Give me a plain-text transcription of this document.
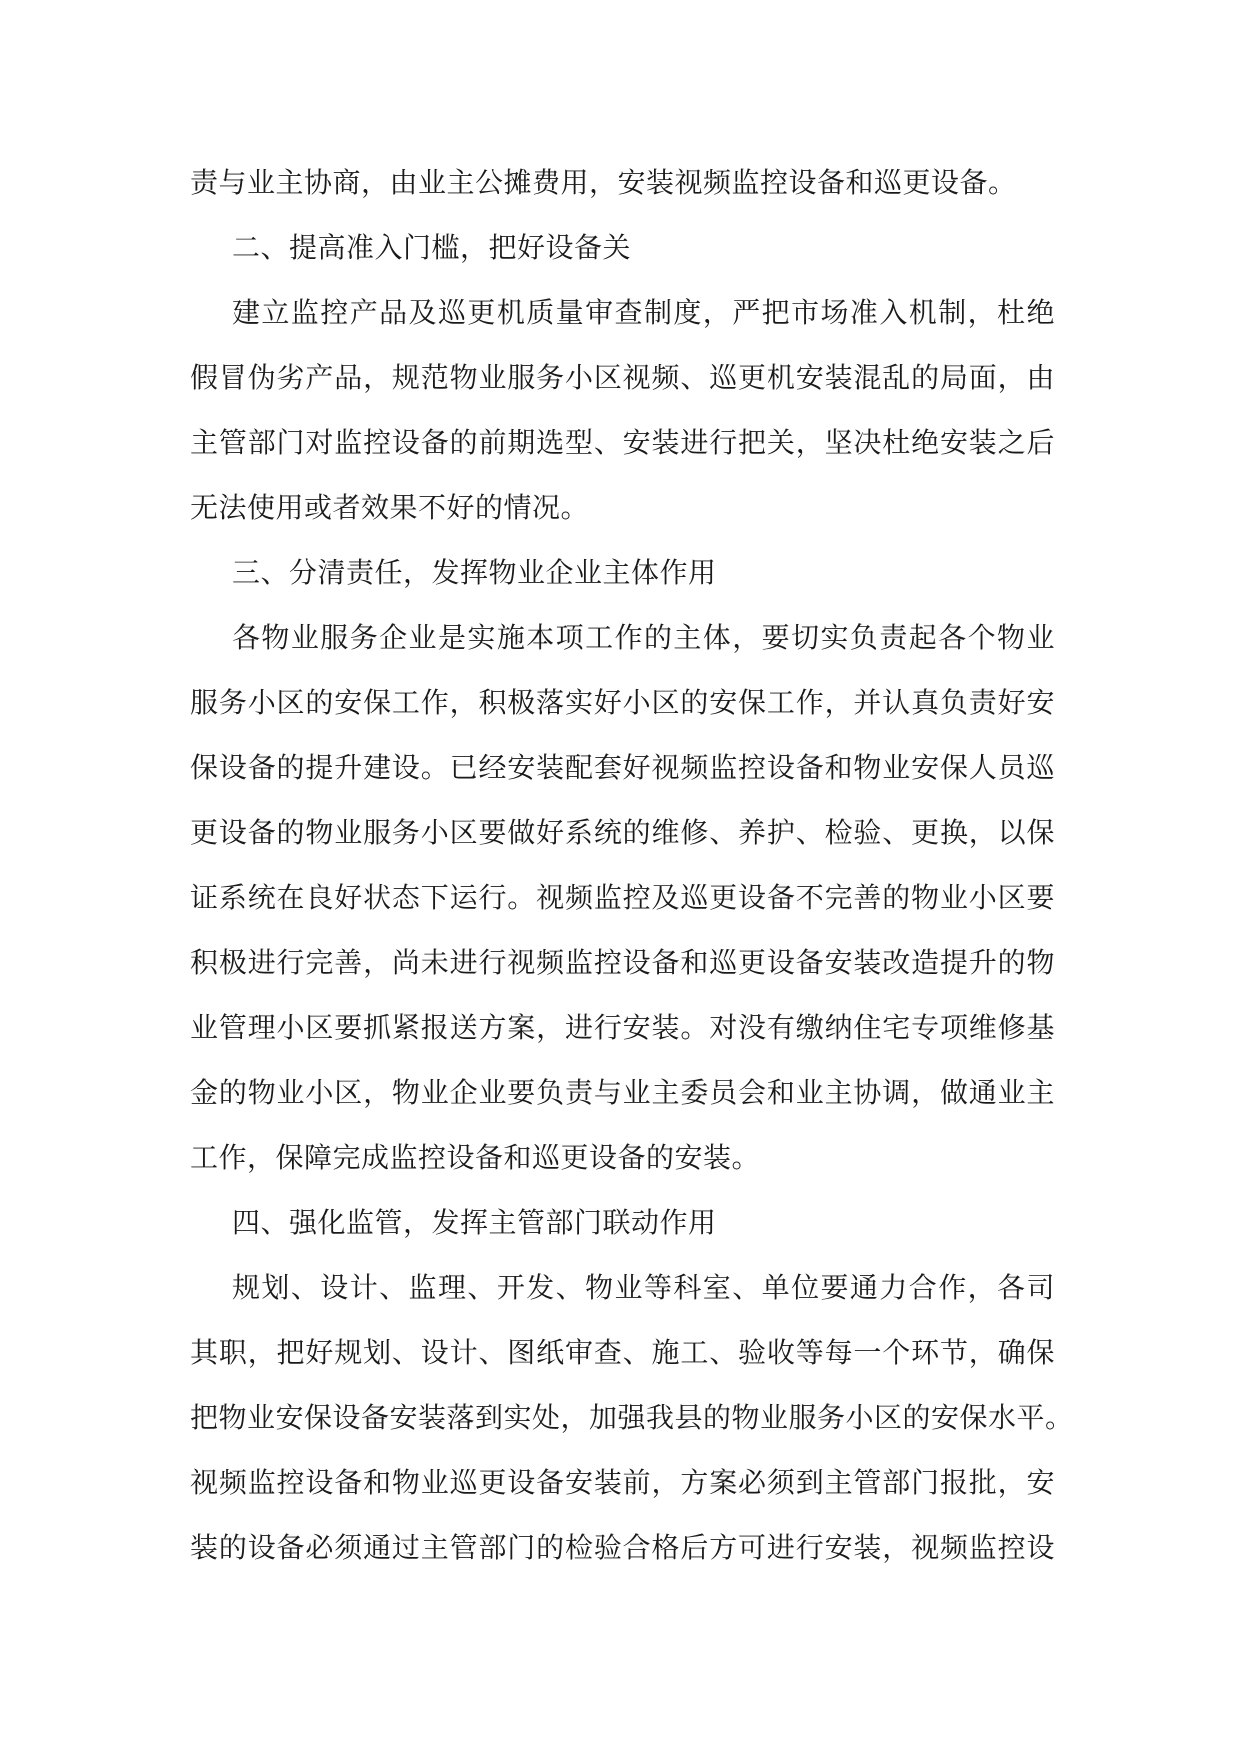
责与业主协商，由业主公摊费用，安装视频监控设备和巡更设备。
二、提高准入门槛，把好设备关
建立监控产品及巡更机质量审查制度，严把市场准入机制，杜绝
假冒伪劣产品，规范物业服务小区视频、巡更机安装混乱的局面，由
主管部门对监控设备的前期选型、安装进行把关，坚决杜绝安装之后
无法使用或者效果不好的情况。
三、分清责任，发挥物业企业主体作用
各物业服务企业是实施本项工作的主体，要切实负责起各个物业
服务小区的安保工作，积极落实好小区的安保工作，并认真负责好安
保设备的提升建设。已经安装配套好视频监控设备和物业安保人员巡
更设备的物业服务小区要做好系统的维修、养护、检验、更换，以保
证系统在良好状态下运行。视频监控及巡更设备不完善的物业小区要
积极进行完善，尚未进行视频监控设备和巡更设备安装改造提升的物
业管理小区要抓紧报送方案，进行安装。对没有缴纳住宅专项维修基
金的物业小区，物业企业要负责与业主委员会和业主协调，做通业主
工作，保障完成监控设备和巡更设备的安装。
四、强化监管，发挥主管部门联动作用
规划、设计、监理、开发、物业等科室、单位要通力合作，各司
其职，把好规划、设计、图纸审查、施工、验收等每一个环节，确保
把物业安保设备安装落到实处，加强我县的物业服务小区的安保水平。
视频监控设备和物业巡更设备安装前，方案必须到主管部门报批，安
装的设备必须通过主管部门的检验合格后方可进行安装，视频监控设
